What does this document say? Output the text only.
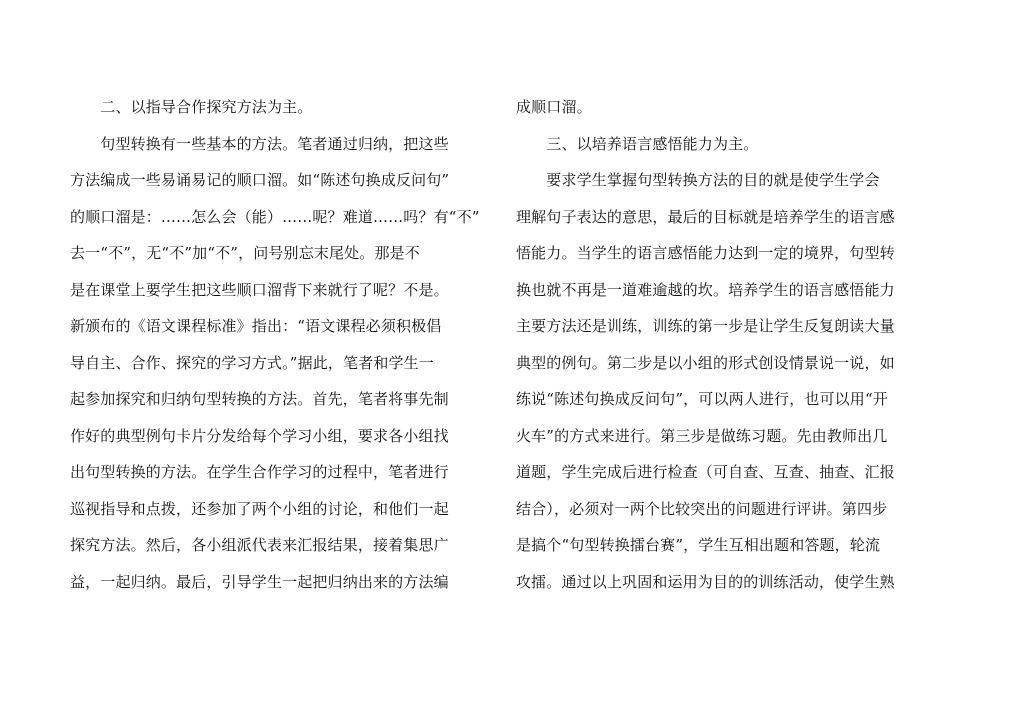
　　二、以指导合作探究方法为主。
　　句型转换有一些基本的方法。笔者通过归纳，把这些
方法编成一些易诵易记的顺口溜。如“陈述句换成反问句”
的顺口溜是：……怎么会（能）……呢？难道……吗？有“不”
去一“不”，无“不”加“不”，问号别忘末尾处。那是不
是在课堂上要学生把这些顺口溜背下来就行了呢？不是。
新颁布的《语文课程标准》指出：“语文课程必须积极倡
导自主、合作、探究的学习方式。”据此，笔者和学生一
起参加探究和归纳句型转换的方法。首先，笔者将事先制
作好的典型例句卡片分发给每个学习小组，要求各小组找
出句型转换的方法。在学生合作学习的过程中，笔者进行
巡视指导和点拨，还参加了两个小组的讨论，和他们一起
探究方法。然后，各小组派代表来汇报结果，接着集思广
益，一起归纳。最后，引导学生一起把归纳出来的方法编
成顺口溜。
　　三、以培养语言感悟能力为主。
　　要求学生掌握句型转换方法的目的就是使学生学会
理解句子表达的意思，最后的目标就是培养学生的语言感
悟能力。当学生的语言感悟能力达到一定的境界，句型转
换也就不再是一道难逾越的坎。培养学生的语言感悟能力
主要方法还是训练，训练的第一步是让学生反复朗读大量
典型的例句。第二步是以小组的形式创设情景说一说，如
练说“陈述句换成反问句”，可以两人进行，也可以用“开
火车”的方式来进行。第三步是做练习题。先由教师出几
道题，学生完成后进行检查（可自查、互查、抽查、汇报
结合），必须对一两个比较突出的问题进行评讲。第四步
是搞个“句型转换擂台赛”，学生互相出题和答题，轮流
攻擂。通过以上巩固和运用为目的的训练活动，使学生熟
